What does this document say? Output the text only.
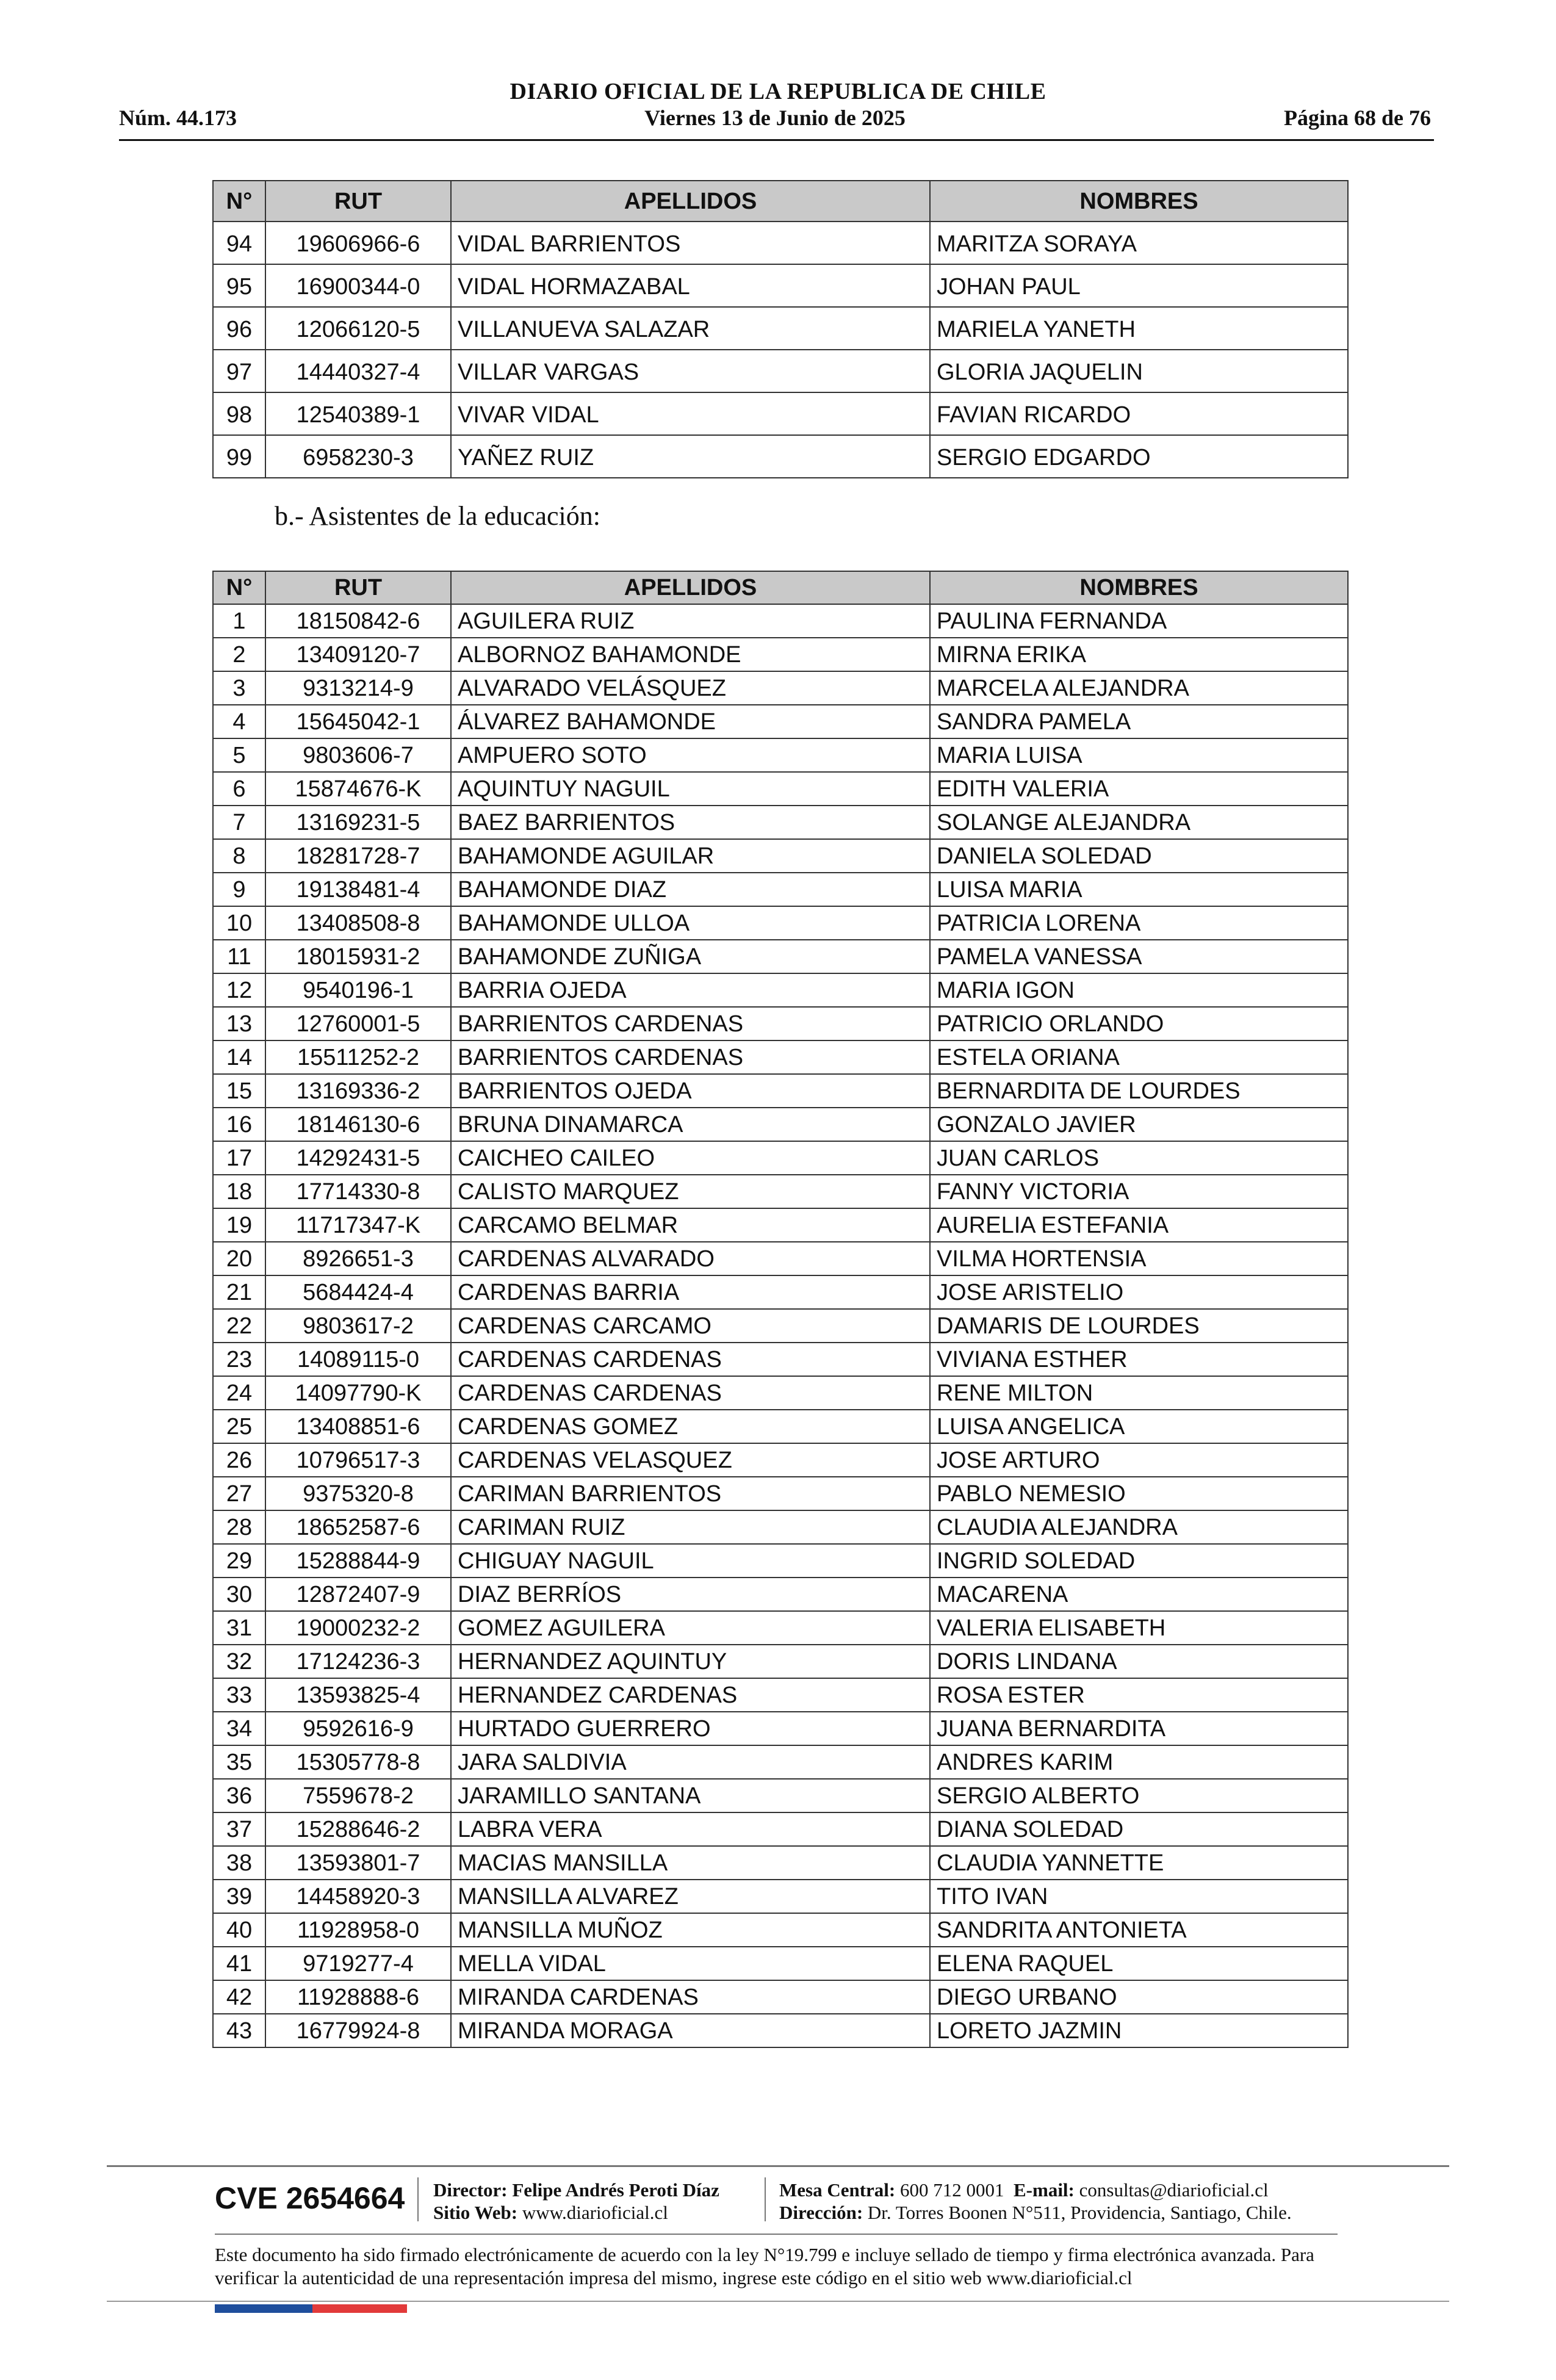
DIARIO OFICIAL DE LA REPUBLICA DE CHILE
Núm. 44.173	Viernes 13 de Junio de 2025	Página 68 de 76
N°	RUT	APELLIDOS	NOMBRES
94	19606966-6	VIDAL BARRIENTOS	MARITZA SORAYA
95	16900344-0	VIDAL HORMAZABAL	JOHAN PAUL
96	12066120-5	VILLANUEVA SALAZAR	MARIELA YANETH
97	14440327-4	VILLAR VARGAS	GLORIA JAQUELIN
98	12540389-1	VIVAR VIDAL	FAVIAN RICARDO
99	6958230-3	YAÑEZ RUIZ	SERGIO EDGARDO
b.- Asistentes de la educación:
N°	RUT	APELLIDOS	NOMBRES
1	18150842-6	AGUILERA RUIZ	PAULINA FERNANDA
2	13409120-7	ALBORNOZ BAHAMONDE	MIRNA ERIKA
3	9313214-9	ALVARADO VELÁSQUEZ	MARCELA ALEJANDRA
4	15645042-1	ÁLVAREZ BAHAMONDE	SANDRA PAMELA
5	9803606-7	AMPUERO SOTO	MARIA LUISA
6	15874676-K	AQUINTUY NAGUIL	EDITH VALERIA
7	13169231-5	BAEZ BARRIENTOS	SOLANGE ALEJANDRA
8	18281728-7	BAHAMONDE AGUILAR	DANIELA SOLEDAD
9	19138481-4	BAHAMONDE DIAZ	LUISA MARIA
10	13408508-8	BAHAMONDE ULLOA	PATRICIA LORENA
11	18015931-2	BAHAMONDE ZUÑIGA	PAMELA VANESSA
12	9540196-1	BARRIA OJEDA	MARIA IGON
13	12760001-5	BARRIENTOS CARDENAS	PATRICIO ORLANDO
14	15511252-2	BARRIENTOS CARDENAS	ESTELA ORIANA
15	13169336-2	BARRIENTOS OJEDA	BERNARDITA DE LOURDES
16	18146130-6	BRUNA DINAMARCA	GONZALO JAVIER
17	14292431-5	CAICHEO CAILEO	JUAN CARLOS
18	17714330-8	CALISTO MARQUEZ	FANNY VICTORIA
19	11717347-K	CARCAMO BELMAR	AURELIA ESTEFANIA
20	8926651-3	CARDENAS ALVARADO	VILMA HORTENSIA
21	5684424-4	CARDENAS BARRIA	JOSE ARISTELIO
22	9803617-2	CARDENAS CARCAMO	DAMARIS DE LOURDES
23	14089115-0	CARDENAS CARDENAS	VIVIANA ESTHER
24	14097790-K	CARDENAS CARDENAS	RENE MILTON
25	13408851-6	CARDENAS GOMEZ	LUISA ANGELICA
26	10796517-3	CARDENAS VELASQUEZ	JOSE ARTURO
27	9375320-8	CARIMAN BARRIENTOS	PABLO NEMESIO
28	18652587-6	CARIMAN RUIZ	CLAUDIA ALEJANDRA
29	15288844-9	CHIGUAY NAGUIL	INGRID SOLEDAD
30	12872407-9	DIAZ BERRÍOS	MACARENA
31	19000232-2	GOMEZ AGUILERA	VALERIA ELISABETH
32	17124236-3	HERNANDEZ AQUINTUY	DORIS LINDANA
33	13593825-4	HERNANDEZ CARDENAS	ROSA ESTER
34	9592616-9	HURTADO GUERRERO	JUANA BERNARDITA
35	15305778-8	JARA SALDIVIA	ANDRES KARIM
36	7559678-2	JARAMILLO SANTANA	SERGIO ALBERTO
37	15288646-2	LABRA VERA	DIANA SOLEDAD
38	13593801-7	MACIAS MANSILLA	CLAUDIA YANNETTE
39	14458920-3	MANSILLA ALVAREZ	TITO IVAN
40	11928958-0	MANSILLA MUÑOZ	SANDRITA ANTONIETA
41	9719277-4	MELLA VIDAL	ELENA RAQUEL
42	11928888-6	MIRANDA CARDENAS	DIEGO URBANO
43	16779924-8	MIRANDA MORAGA	LORETO JAZMIN
CVE 2654664 Director: Felipe Andrés Peroti Díaz
Sitio Web: www.diarioficial.cl
Mesa Central: 600 712 0001 E-mail: consultas@diarioficial.cl
Dirección: Dr. Torres Boonen N°511, Providencia, Santiago, Chile.
Este documento ha sido firmado electrónicamente de acuerdo con la ley N°19.799 e incluye sellado de tiempo y firma electrónica avanzada. Para verificar la autenticidad de una representación impresa del mismo, ingrese este código en el sitio web www.diarioficial.cl
